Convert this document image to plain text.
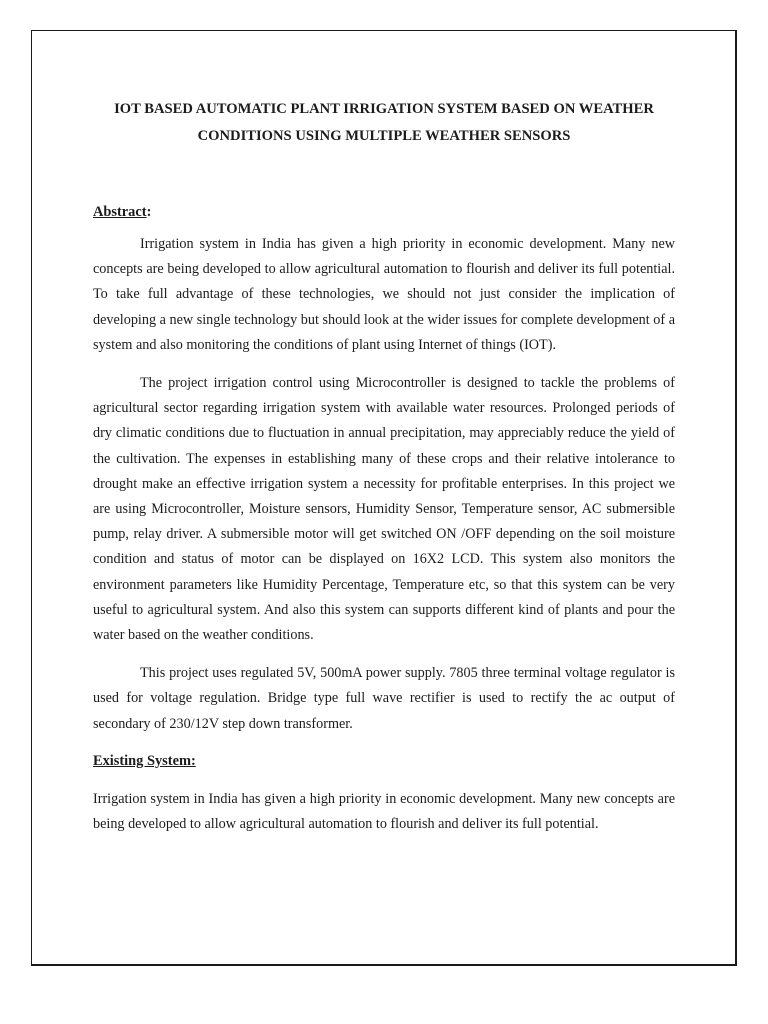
IOT BASED AUTOMATIC PLANT IRRIGATION SYSTEM BASED ON WEATHER CONDITIONS USING MULTIPLE WEATHER SENSORS
Abstract:

Irrigation system in India has given a high priority in economic development. Many new concepts are being developed to allow agricultural automation to flourish and deliver its full potential. To take full advantage of these technologies, we should not just consider the implication of developing a new single technology but should look at the wider issues for complete development of a system and also monitoring the conditions of plant using Internet of things (IOT).

The project irrigation control using Microcontroller is designed to tackle the problems of agricultural sector regarding irrigation system with available water resources. Prolonged periods of dry climatic conditions due to fluctuation in annual precipitation, may appreciably reduce the yield of the cultivation. The expenses in establishing many of these crops and their relative intolerance to drought make an effective irrigation system a necessity for profitable enterprises. In this project we are using Microcontroller, Moisture sensors, Humidity Sensor, Temperature sensor, AC submersible pump, relay driver. A submersible motor will get switched ON /OFF depending on the soil moisture condition and status of motor can be displayed on 16X2 LCD. This system also monitors the environment parameters like Humidity Percentage, Temperature etc, so that this system can be very useful to agricultural system. And also this system can supports different kind of plants and pour the water based on the weather conditions.

This project uses regulated 5V, 500mA power supply. 7805 three terminal voltage regulator is used for voltage regulation. Bridge type full wave rectifier is used to rectify the ac output of secondary of 230/12V step down transformer.

Existing System:

Irrigation system in India has given a high priority in economic development. Many new concepts are being developed to allow agricultural automation to flourish and deliver its full potential.
